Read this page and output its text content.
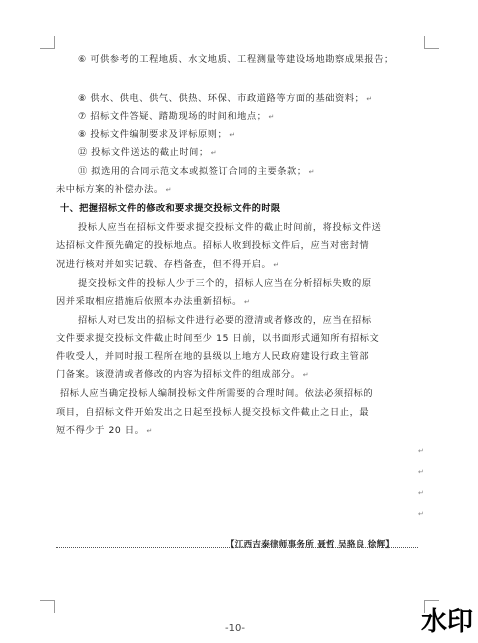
⑥ 可供参考的工程地质、水文地质、工程测量等建设场地勘察成果报告；
⑧ 供水、供电、供气、供热、环保、市政道路等方面的基础资料； ↵
⑦ 招标文件答疑、踏勘现场的时间和地点； ↵
⑧ 投标文件编制要求及评标原则； ↵
⑫ 投标文件送达的截止时间； ↵
⑪ 拟选用的合同示范文本或拟签订合同的主要条款； ↵
未中标方案的补偿办法。 ↵
十、把握招标文件的修改和要求提交投标文件的时限
投标人应当在招标文件要求提交投标文件的截止时间前，将投标文件送
达招标文件预先确定的投标地点。招标人收到投标文件后，应当对密封情
况进行核对并如实记载、存档备查，但不得开启。 ↵
提交投标文件的投标人少于三个的，招标人应当在分析招标失败的原
因并采取相应措施后依照本办法重新招标。 ↵
招标人对已发出的招标文件进行必要的澄清或者修改的，应当在招标
文件要求提交投标文件截止时间至少 15 日前，以书面形式通知所有招标文
件收受人，并同时报工程所在地的县级以上地方人民政府建设行政主管部
门备案。该澄清或者修改的内容为招标文件的组成部分。 ↵
招标人应当确定投标人编制投标文件所需要的合理时间。依法必须招标的
项目，自招标文件开始发出之日起至投标人提交投标文件截止之日止，最
短不得少于 20 日。 ↵
↵
↵
↵
↵
【江西吉泰律师事务所 聂哲 吴骆良 徐辉】
-10-	水印
